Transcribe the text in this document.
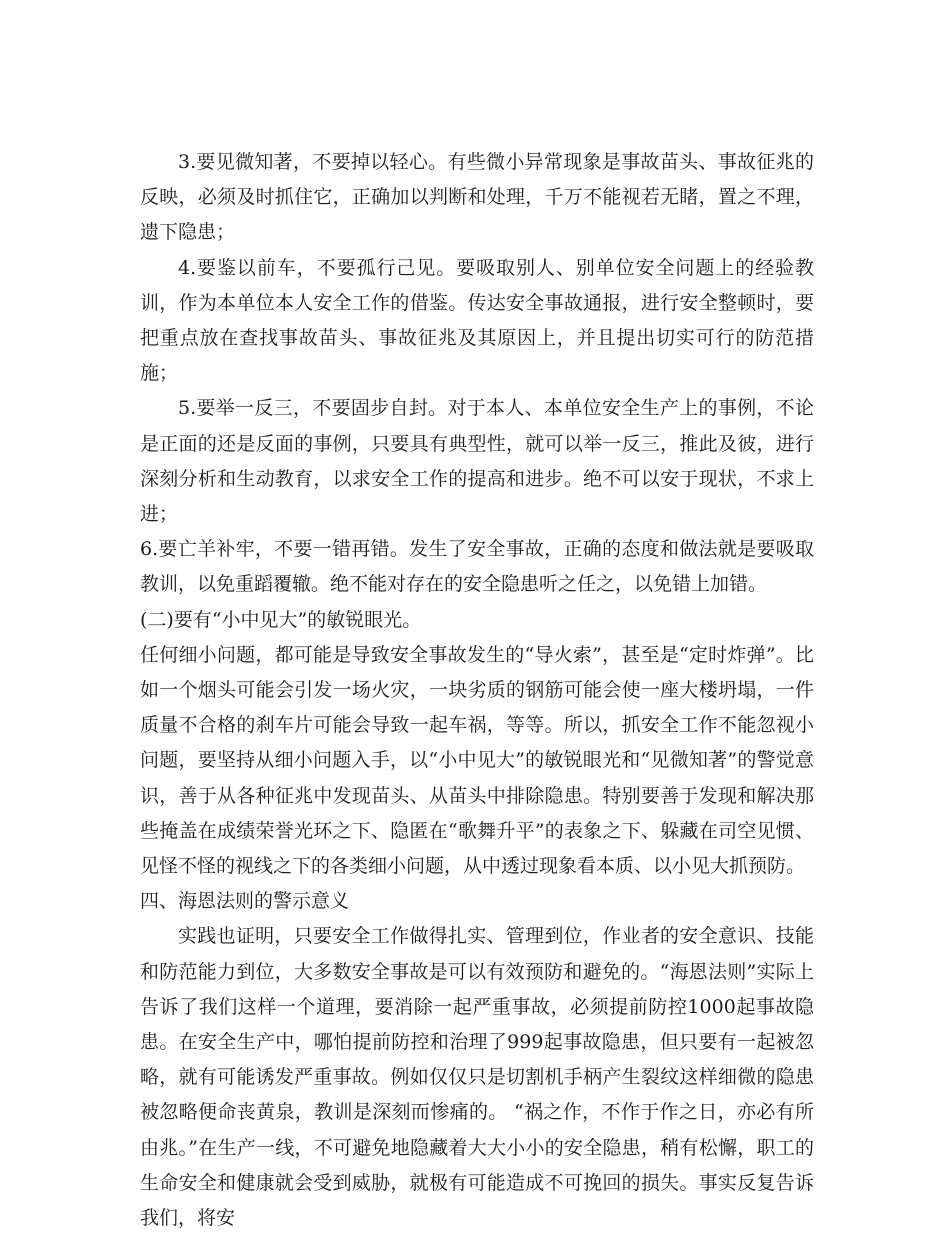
3.要见微知著，不要掉以轻心。有些微小异常现象是事故苗头、事故征兆的反映，必须及时抓住它，正确加以判断和处理，千万不能视若无睹，置之不理，遗下隐患；

4.要鉴以前车，不要孤行己见。要吸取别人、别单位安全问题上的经验教训，作为本单位本人安全工作的借鉴。传达安全事故通报，进行安全整顿时，要把重点放在查找事故苗头、事故征兆及其原因上，并且提出切实可行的防范措施；

5.要举一反三，不要固步自封。对于本人、本单位安全生产上的事例，不论是正面的还是反面的事例，只要具有典型性，就可以举一反三，推此及彼，进行深刻分析和生动教育，以求安全工作的提高和进步。绝不可以安于现状，不求上进；

6.要亡羊补牢，不要一错再错。发生了安全事故，正确的态度和做法就是要吸取教训，以免重蹈覆辙。绝不能对存在的安全隐患听之任之，以免错上加错。

(二)要有“小中见大”的敏锐眼光。

任何细小问题，都可能是导致安全事故发生的“导火索”，甚至是“定时炸弹”。比如一个烟头可能会引发一场火灾，一块劣质的钢筋可能会使一座大楼坍塌，一件质量不合格的刹车片可能会导致一起车祸，等等。所以，抓安全工作不能忽视小问题，要坚持从细小问题入手，以“小中见大”的敏锐眼光和“见微知著”的警觉意识，善于从各种征兆中发现苗头、从苗头中排除隐患。特别要善于发现和解决那些掩盖在成绩荣誉光环之下、隐匿在“歌舞升平”的表象之下、躲藏在司空见惯、见怪不怪的视线之下的各类细小问题，从中透过现象看本质、以小见大抓预防。

四、海恩法则的警示意义

实践也证明，只要安全工作做得扎实、管理到位，作业者的安全意识、技能和防范能力到位，大多数安全事故是可以有效预防和避免的。“海恩法则”实际上告诉了我们这样一个道理，要消除一起严重事故，必须提前防控1000起事故隐患。在安全生产中，哪怕提前防控和治理了999起事故隐患，但只要有一起被忽略，就有可能诱发严重事故。例如仅仅只是切割机手柄产生裂纹这样细微的隐患被忽略便命丧黄泉，教训是深刻而惨痛的。 “祸之作，不作于作之日，亦必有所由兆。”在生产一线，不可避免地隐藏着大大小小的安全隐患，稍有松懈，职工的生命安全和健康就会受到威胁，就极有可能造成不可挽回的损失。事实反复告诉我们，将安
